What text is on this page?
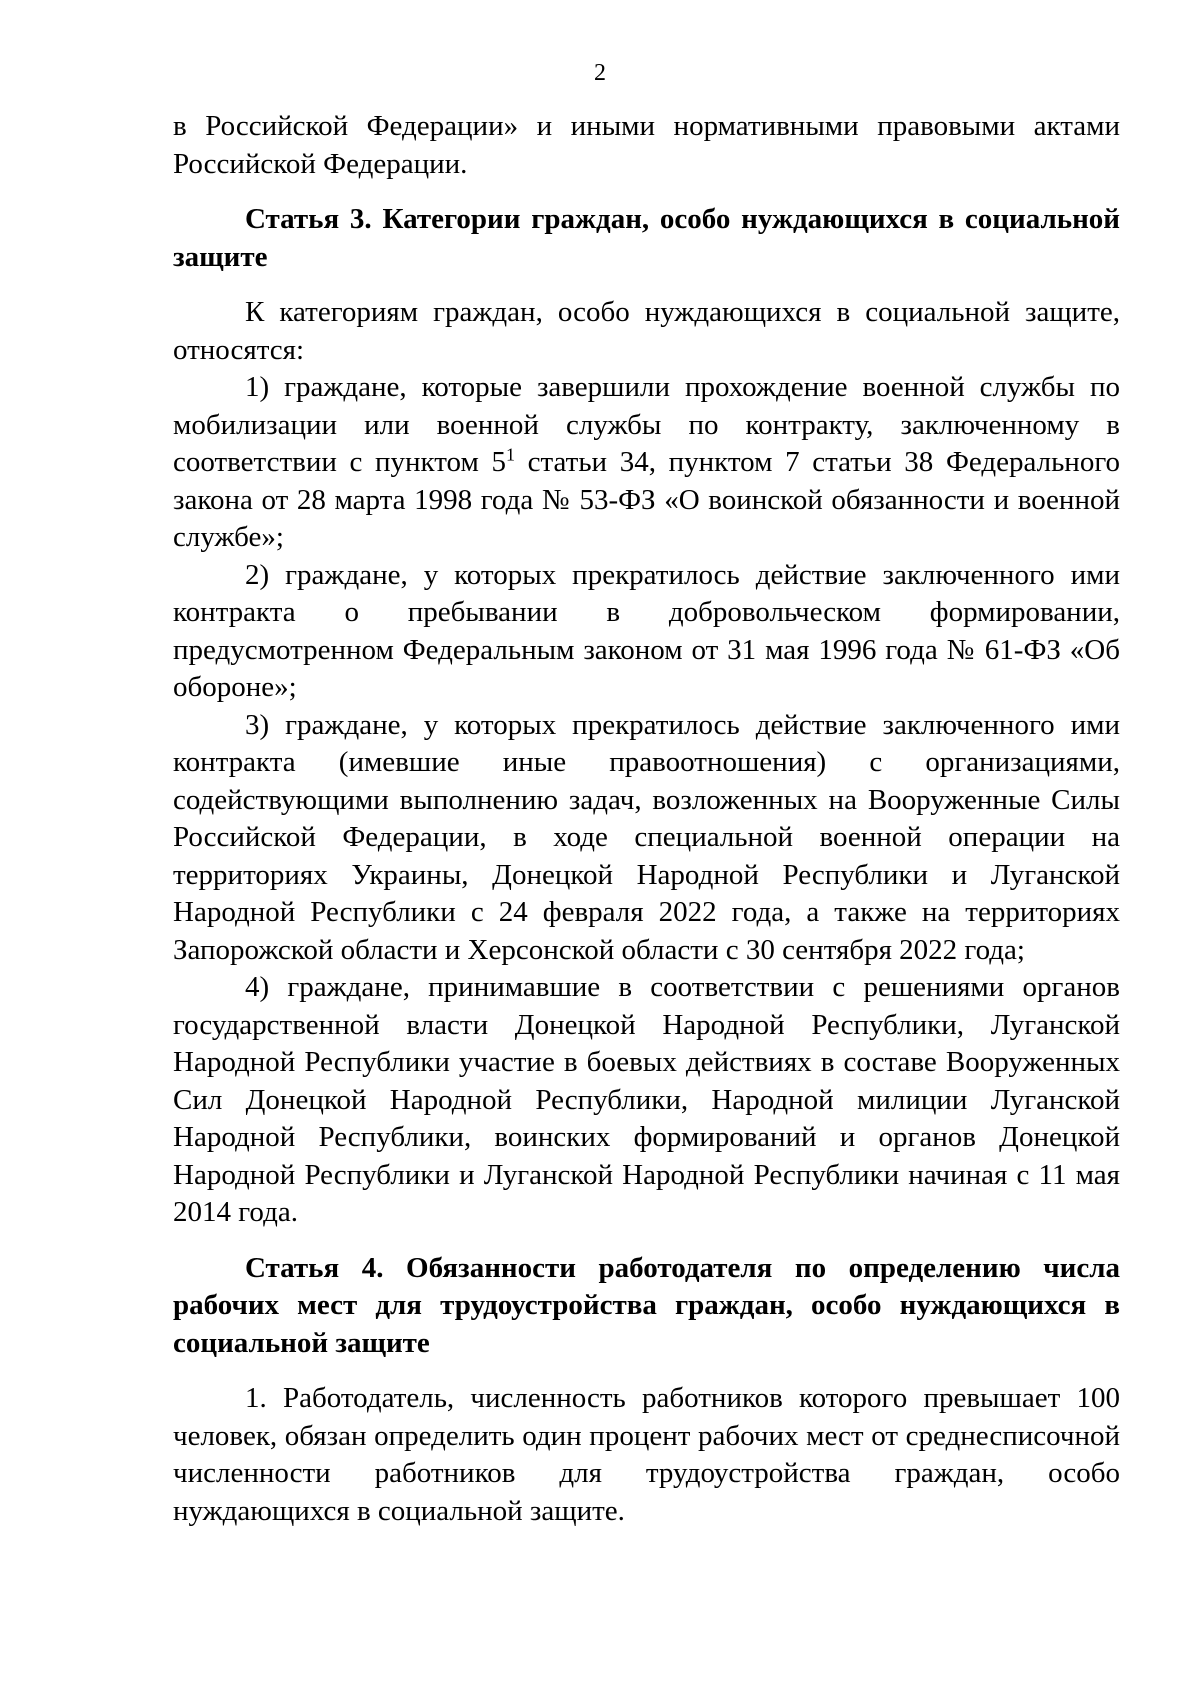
2

в Российской Федерации» и иными нормативными правовыми актами Российской Федерации.

Статья 3. Категории граждан, особо нуждающихся в социальной защите

К категориям граждан, особо нуждающихся в социальной защите, относятся:

1) граждане, которые завершили прохождение военной службы по мобилизации или военной службы по контракту, заключенному в соответствии с пунктом $5^1$ статьи 34, пунктом 7 статьи 38 Федерального закона от 28 марта 1998 года № 53-ФЗ «О воинской обязанности и военной службе»;

2) граждане, у которых прекратилось действие заключенного ими контракта о пребывании в добровольческом формировании, предусмотренном Федеральным законом от 31 мая 1996 года № 61-ФЗ «Об обороне»;

3) граждане, у которых прекратилось действие заключенного ими контракта (имевшие иные правоотношения) с организациями, содействующими выполнению задач, возложенных на Вооруженные Силы Российской Федерации, в ходе специальной военной операции на территориях Украины, Донецкой Народной Республики и Луганской Народной Республики с 24 февраля 2022 года, а также на территориях Запорожской области и Херсонской области с 30 сентября 2022 года;

4) граждане, принимавшие в соответствии с решениями органов государственной власти Донецкой Народной Республики, Луганской Народной Республики участие в боевых действиях в составе Вооруженных Сил Донецкой Народной Республики, Народной милиции Луганской Народной Республики, воинских формирований и органов Донецкой Народной Республики и Луганской Народной Республики начиная с 11 мая 2014 года.

Статья 4. Обязанности работодателя по определению числа рабочих мест для трудоустройства граждан, особо нуждающихся в социальной защите

1. Работодатель, численность работников которого превышает 100 человек, обязан определить один процент рабочих мест от среднесписочной численности работников для трудоустройства граждан, особо нуждающихся в социальной защите.
